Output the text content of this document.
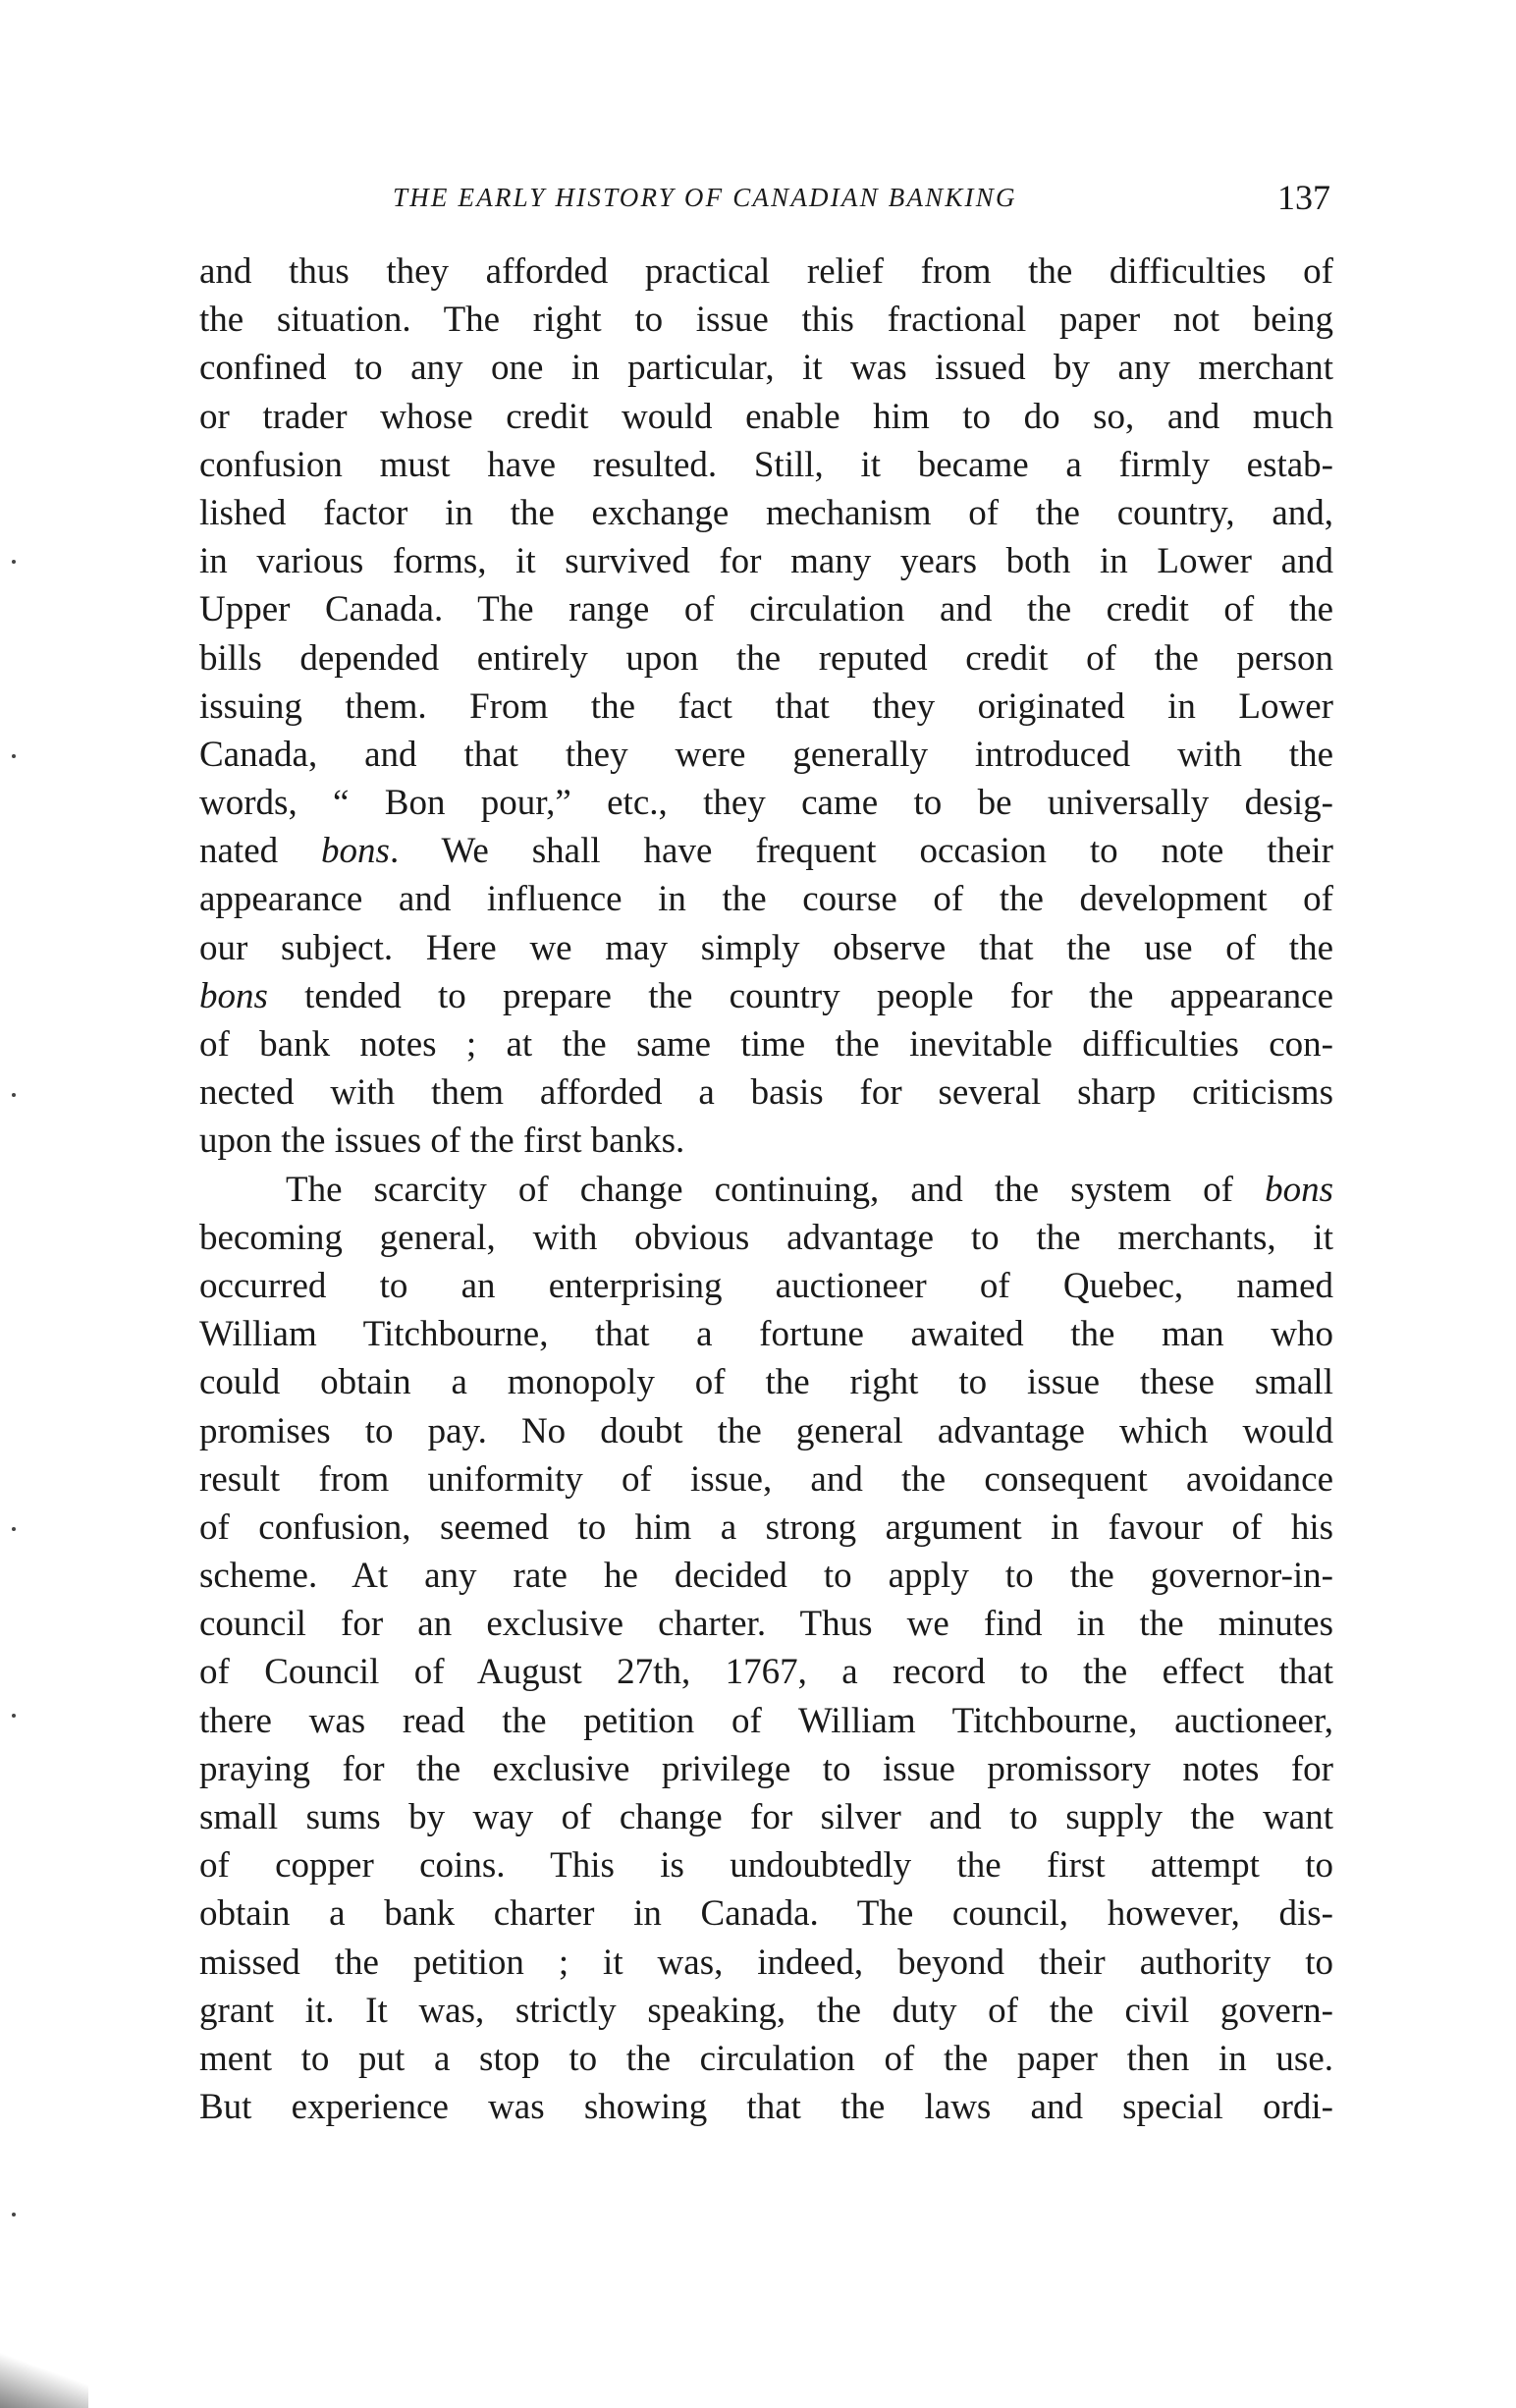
THE EARLY HISTORY OF CANADIAN BANKING	137
and thus they afforded practical relief from the difficulties of
the situation. The right to issue this fractional paper not being
confined to any one in particular, it was issued by any merchant
or trader whose credit would enable him to do so, and much
confusion must have resulted. Still, it became a firmly estab-
lished factor in the exchange mechanism of the country, and,
in various forms, it survived for many years both in Lower and
Upper Canada. The range of circulation and the credit of the
bills depended entirely upon the reputed credit of the person
issuing them. From the fact that they originated in Lower
Canada, and that they were generally introduced with the
words, “ Bon pour,” etc., they came to be universally desig-
nated bons. We shall have frequent occasion to note their
appearance and influence in the course of the development of
our subject. Here we may simply observe that the use of the
bons tended to prepare the country people for the appearance
of bank notes ; at the same time the inevitable difficulties con-
nected with them afforded a basis for several sharp criticisms
upon the issues of the first banks.
The scarcity of change continuing, and the system of bons
becoming general, with obvious advantage to the merchants, it
occurred to an enterprising auctioneer of Quebec, named
William Titchbourne, that a fortune awaited the man who
could obtain a monopoly of the right to issue these small
promises to pay. No doubt the general advantage which would
result from uniformity of issue, and the consequent avoidance
of confusion, seemed to him a strong argument in favour of his
scheme. At any rate he decided to apply to the governor-in-
council for an exclusive charter. Thus we find in the minutes
of Council of August 27th, 1767, a record to the effect that
there was read the petition of William Titchbourne, auctioneer,
praying for the exclusive privilege to issue promissory notes for
small sums by way of change for silver and to supply the want
of copper coins. This is undoubtedly the first attempt to
obtain a bank charter in Canada. The council, however, dis-
missed the petition ; it was, indeed, beyond their authority to
grant it. It was, strictly speaking, the duty of the civil govern-
ment to put a stop to the circulation of the paper then in use.
But experience was showing that the laws and special ordi-
